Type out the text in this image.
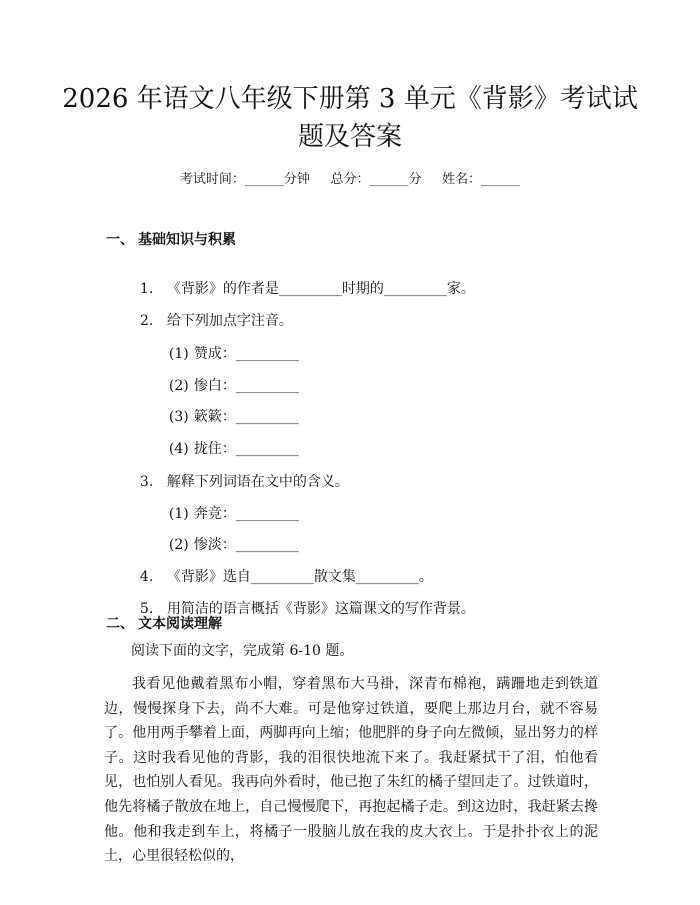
2026 年语文八年级下册第 3 单元《背影》考试试题及答案
考试时间：______分钟     总分：______分     姓名：______
一、 基础知识与积累

1. 《背影》的作者是_________时期的_________家。

2. 给下列加点字注音。

(1) 赞成：_________

(2) 惨白：_________

(3) 簌簌：_________

(4) 拢住：_________

3. 解释下列词语在文中的含义。

(1) 奔竞：_________

(2) 惨淡：_________

4. 《背影》选自_________散文集_________。

5. 用简洁的语言概括《背影》这篇课文的写作背景。

二、 文本阅读理解
阅读下面的文字，完成第 6-10 题。

我看见他戴着黑布小帽，穿着黑布大马褂，深青布棉袍，蹒跚地走到铁道边，慢慢探身下去，尚不大难。可是他穿过铁道，要爬上那边月台，就不容易了。他用两手攀着上面，两脚再向上缩；他肥胖的身子向左微倾，显出努力的样子。这时我看见他的背影，我的泪很快地流下来了。我赶紧拭干了泪，怕他看见，也怕别人看见。我再向外看时，他已抱了朱红的橘子望回走了。过铁道时，他先将橘子散放在地上，自己慢慢爬下，再抱起橘子走。到这边时，我赶紧去搀他。他和我走到车上，将橘子一股脑儿放在我的皮大衣上。于是扑扑衣上的泥土，心里很轻松似的，
